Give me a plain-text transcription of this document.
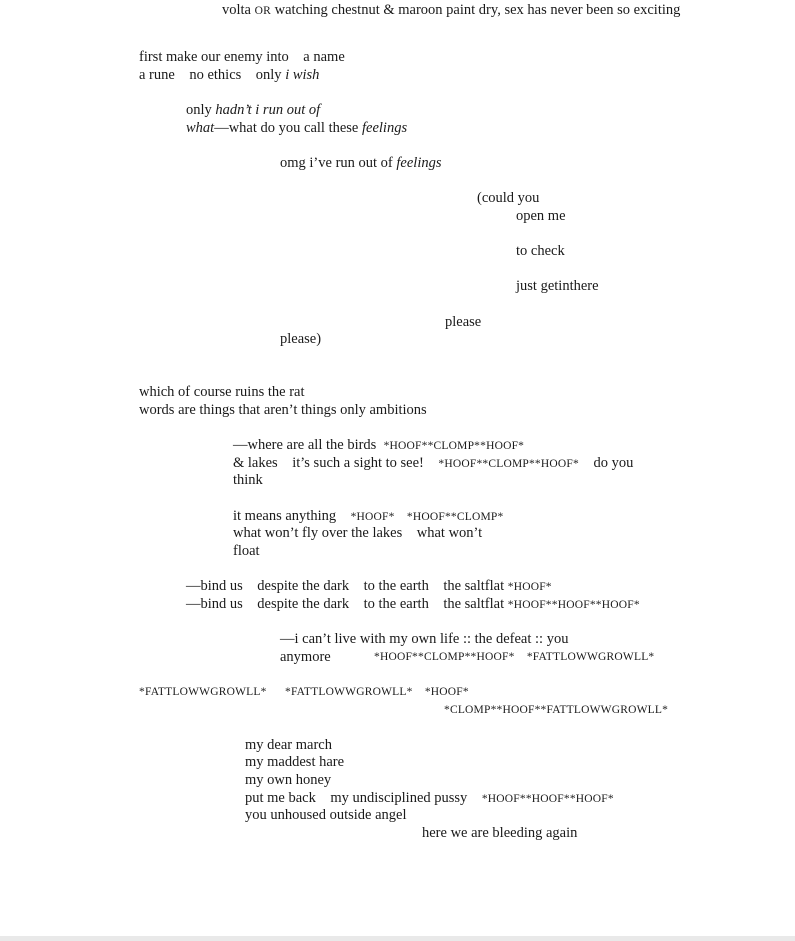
volta OR watching chestnut & maroon paint dry, sex has never been so exciting
first make our enemy into    a name
a rune    no ethics    only i wish
only hadn’t i run out of
what—what do you call these feelings
omg i’ve run out of feelings
(could you
open me
to check
just getinthere
please
please)
which of course ruins the rat
words are things that aren’t things only ambitions
—where are all the birds  *HOOF**CLOMP**HOOF*
& lakes    it’s such a sight to see!    *HOOF**CLOMP**HOOF*    do you
think
it means anything    *HOOF*    *HOOF**CLOMP*
what won’t fly over the lakes    what won’t
float
—bind us    despite the dark    to the earth    the saltflat *HOOF*
—bind us    despite the dark    to the earth    the saltflat *HOOF**HOOF**HOOF*
—i can’t live with my own life :: the defeat :: you
anymore	*HOOF**CLOMP**HOOF*    *FATTLOWWGROWLL*
*FATTLOWWGROWLL*      *FATTLOWWGROWLL*    *HOOF*
*CLOMP**HOOF**FATTLOWWGROWLL*
my dear march
my maddest hare
my own honey
put me back    my undisciplined pussy    *HOOF**HOOF**HOOF*
you unhoused outside angel
here we are bleeding again
